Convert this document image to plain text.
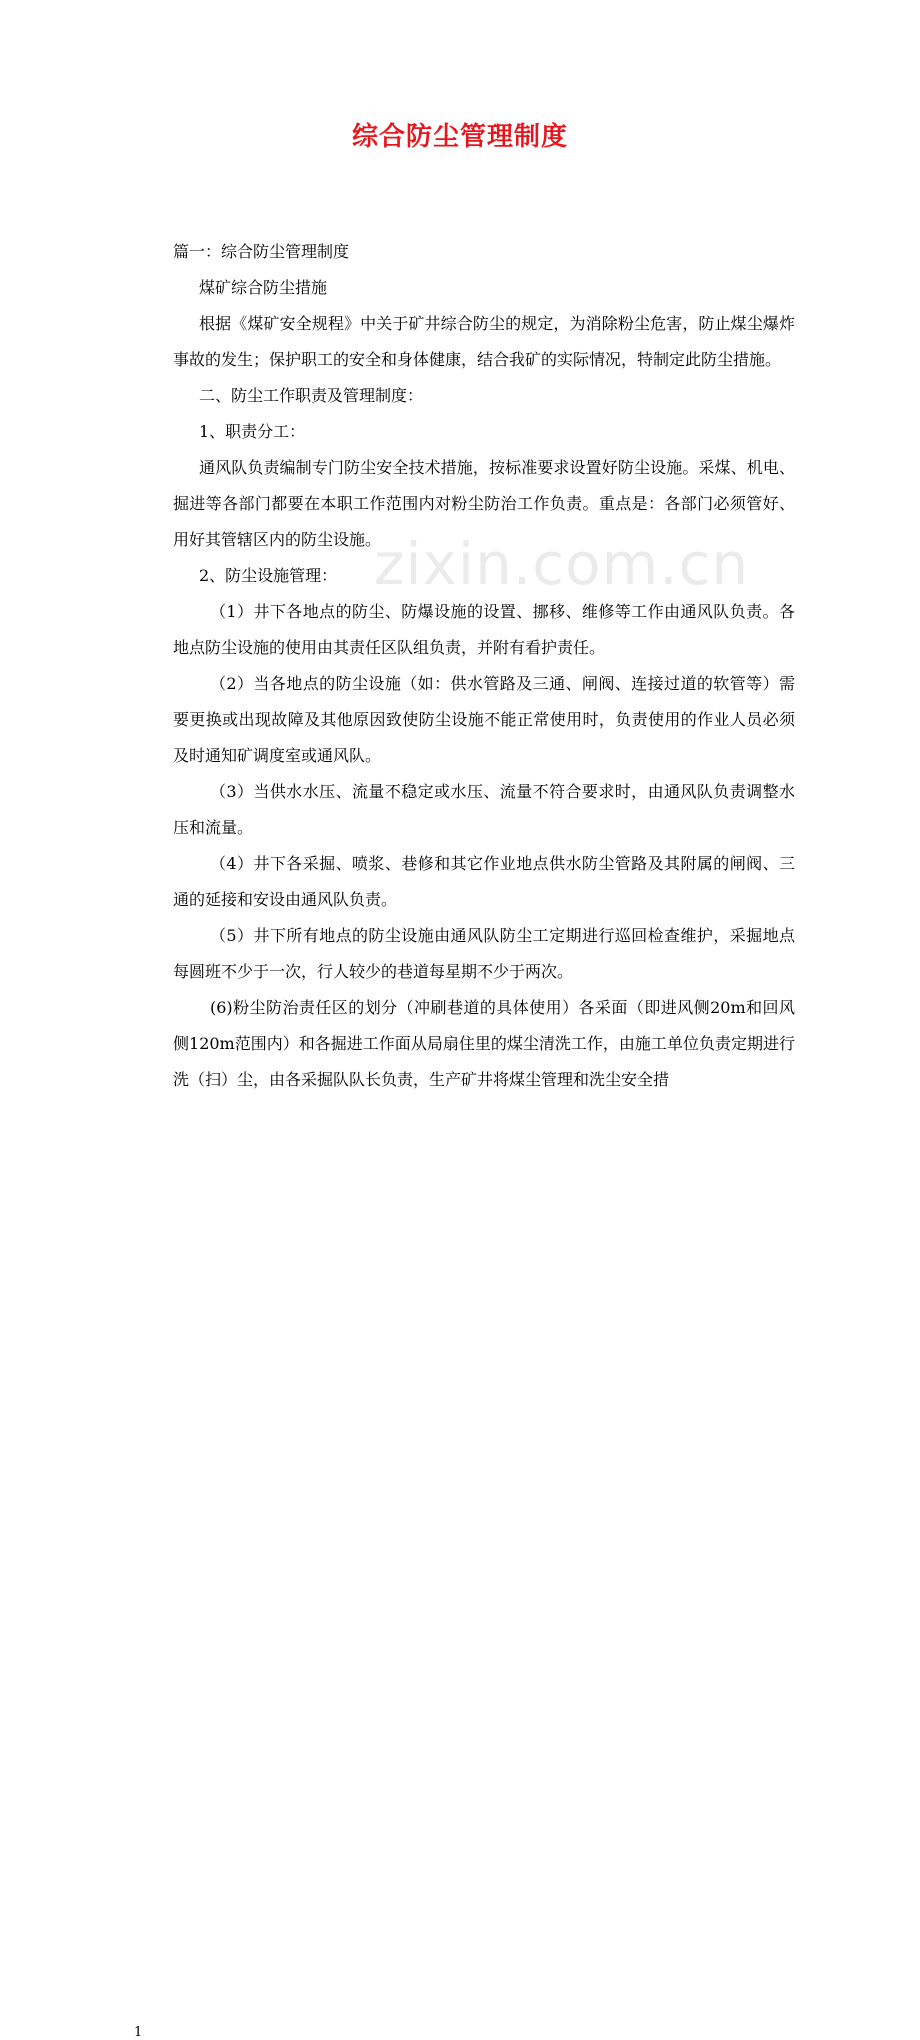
zixin.com.cn
综合防尘管理制度

篇一：综合防尘管理制度

煤矿综合防尘措施

根据《煤矿安全规程》中关于矿井综合防尘的规定，为消除粉尘危害，防止煤尘爆炸事故的发生；保护职工的安全和身体健康，结合我矿的实际情况，特制定此防尘措施。

二、防尘工作职责及管理制度：

1、职责分工：

通风队负责编制专门防尘安全技术措施，按标准要求设置好防尘设施。采煤、机电、掘进等各部门都要在本职工作范围内对粉尘防治工作负责。重点是：各部门必须管好、用好其管辖区内的防尘设施。

2、防尘设施管理：

（1）井下各地点的防尘、防爆设施的设置、挪移、维修等工作由通风队负责。各地点防尘设施的使用由其责任区队组负责，并附有看护责任。

（2）当各地点的防尘设施（如：供水管路及三通、闸阀、连接过道的软管等）需要更换或出现故障及其他原因致使防尘设施不能正常使用时，负责使用的作业人员必须及时通知矿调度室或通风队。

（3）当供水水压、流量不稳定或水压、流量不符合要求时，由通风队负责调整水压和流量。

（4）井下各采掘、喷浆、巷修和其它作业地点供水防尘管路及其附属的闸阀、三通的延接和安设由通风队负责。

（5）井下所有地点的防尘设施由通风队防尘工定期进行巡回检查维护，采掘地点每圆班不少于一次，行人较少的巷道每星期不少于两次。

(6)粉尘防治责任区的划分（冲刷巷道的具体使用）各采面（即进风侧20m和回风侧120m范围内）和各掘进工作面从局扇住里的煤尘清洗工作，由施工单位负责定期进行洗（扫）尘，由各采掘队队长负责，生产矿井将煤尘管理和洗尘安全措

1
